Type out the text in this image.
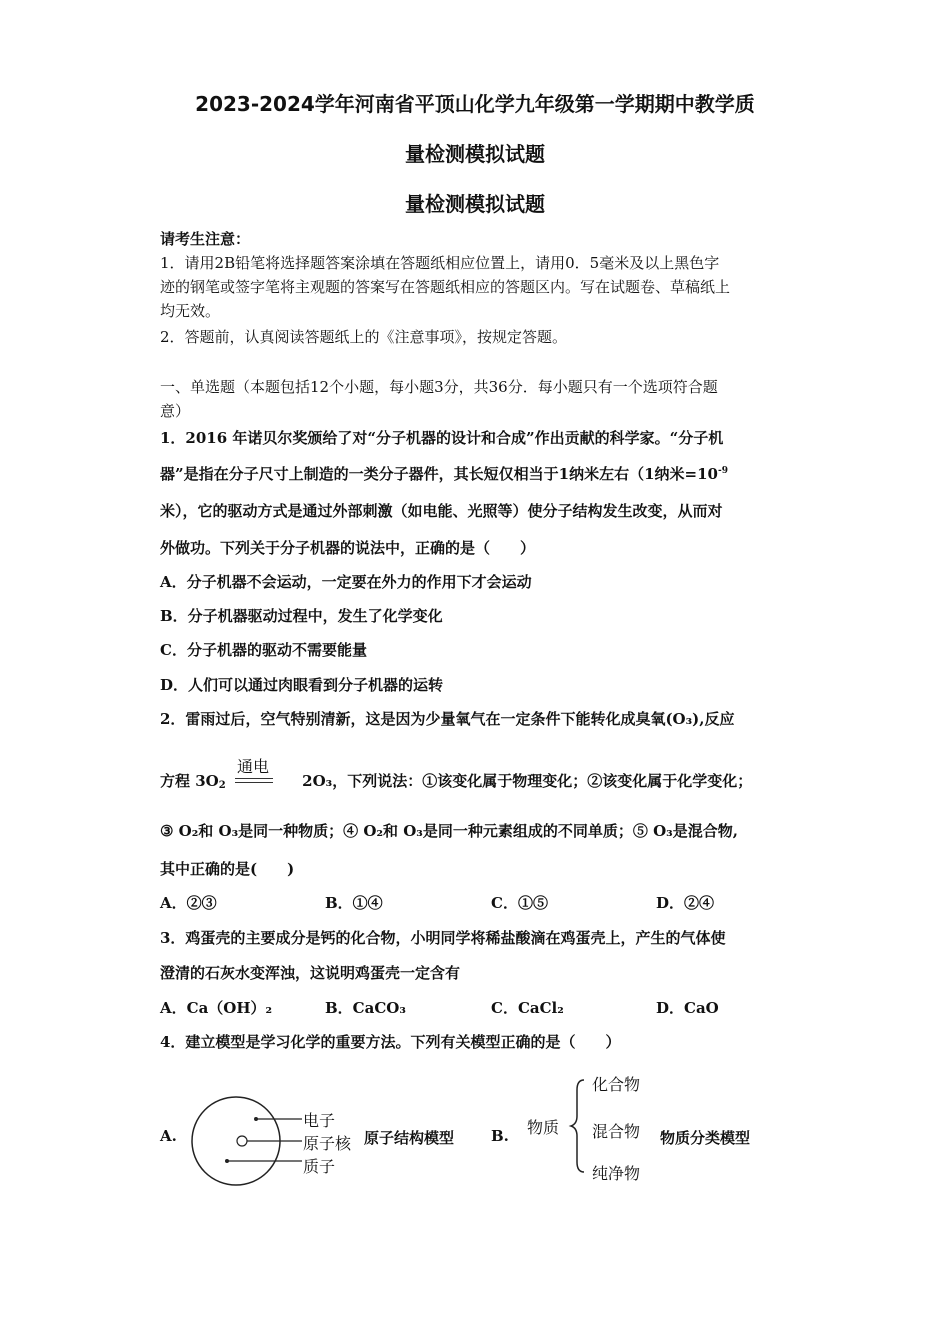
2023-2024学年河南省平顶山化学九年级第一学期期中教学质
量检测模拟试题
量检测模拟试题
请考生注意：
1．请用2B铅笔将选择题答案涂填在答题纸相应位置上，请用0．5毫米及以上黑色字
迹的钢笔或签字笔将主观题的答案写在答题纸相应的答题区内。写在试题卷、草稿纸上
均无效。
2．答题前，认真阅读答题纸上的《注意事项》，按规定答题。
一、单选题（本题包括12个小题，每小题3分，共36分．每小题只有一个选项符合题
意）
1．2016 年诺贝尔奖颁给了对“分子机器的设计和合成”作出贡献的科学家。“分子机
器”是指在分子尺寸上制造的一类分子器件，其长短仅相当于1纳米左右（1纳米$=10^{-9}$
米），它的驱动方式是通过外部刺激（如电能、光照等）使分子结构发生改变，从而对
外做功。下列关于分子机器的说法中，正确的是（　　）
A．分子机器不会运动，一定要在外力的作用下才会运动
B．分子机器驱动过程中，发生了化学变化
C．分子机器的驱动不需要能量
D．人们可以通过肉眼看到分子机器的运转
2．雷雨过后，空气特别清新，这是因为少量氧气在一定条件下能转化成臭氧(O₃),反应
方程 $3O_2$
通电
2O₃，下列说法：①该变化属于物理变化；②该变化属于化学变化；
③ O₂和 O₃是同一种物质；④ O₂和 O₃是同一种元素组成的不同单质；⑤ O₃是混合物,
其中正确的是(　　)
A．②③	B．①④	C．①⑤	D．②④
3．鸡蛋壳的主要成分是钙的化合物，小明同学将稀盐酸滴在鸡蛋壳上，产生的气体使
澄清的石灰水变浑浊，这说明鸡蛋壳一定含有
A．Ca（OH）₂	B．CaCO₃	C．CaCl₂	D．CaO
4．建立模型是学习化学的重要方法。下列有关模型正确的是（　　）
A.
电子
原子核
质子
原子结构模型 B. 物质
化合物
混合物
纯净物
物质分类模型
